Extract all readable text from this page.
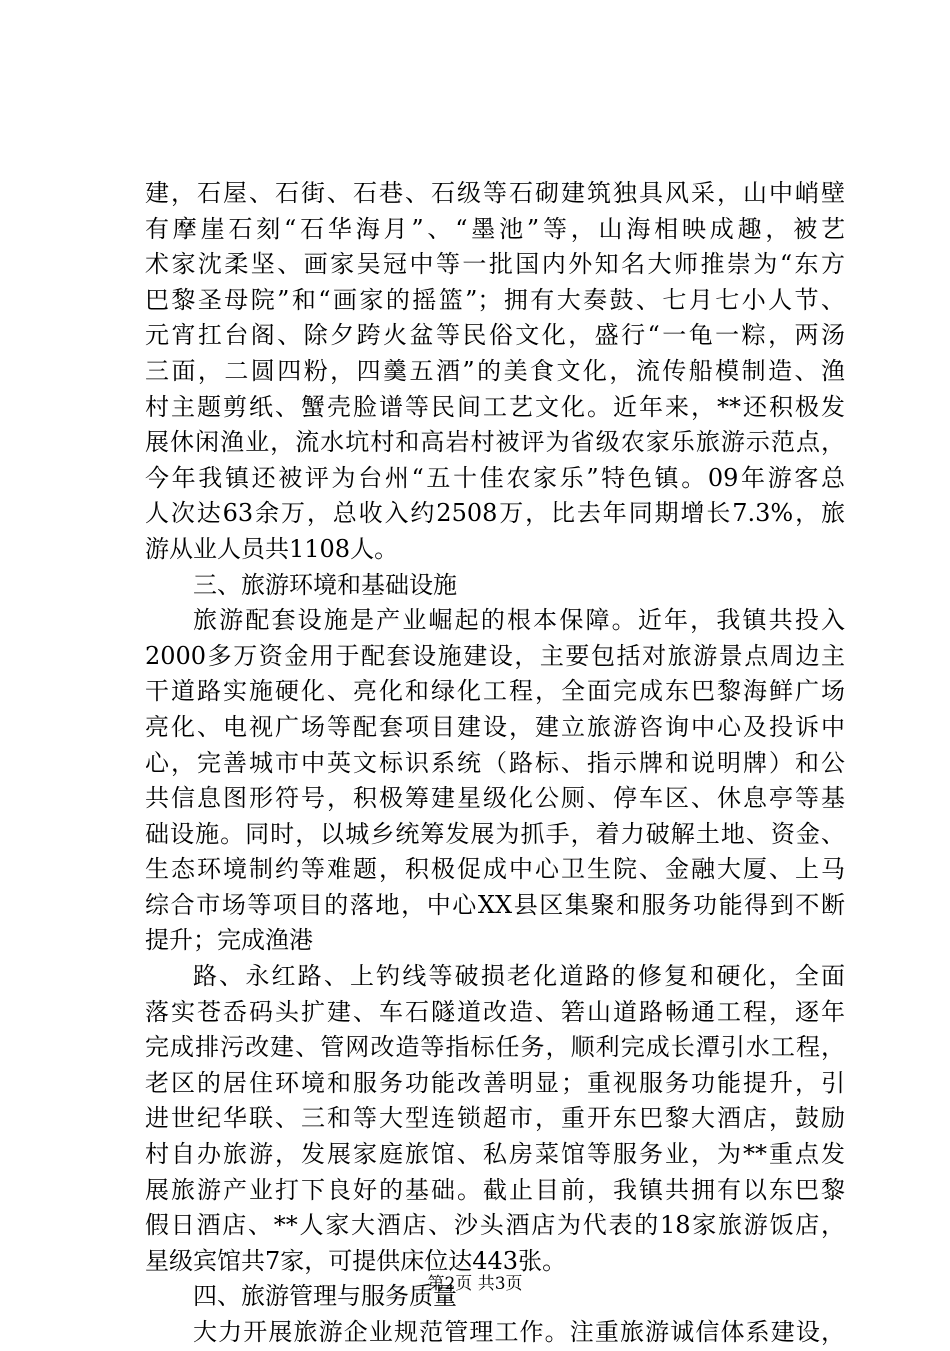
建，石屋、石街、石巷、石级等石砌建筑独具风采，山中峭壁
有摩崖石刻“石华海月”、“墨池”等，山海相映成趣，被艺
术家沈柔坚、画家吴冠中等一批国内外知名大师推崇为“东方
巴黎圣母院”和“画家的摇篮”；拥有大奏鼓、七月七小人节、
元宵扛台阁、除夕跨火盆等民俗文化，盛行“一龟一粽，两汤
三面，二圆四粉，四羹五酒”的美食文化，流传船模制造、渔
村主题剪纸、蟹壳脸谱等民间工艺文化。近年来，**还积极发
展休闲渔业，流水坑村和高岩村被评为省级农家乐旅游示范点，
今年我镇还被评为台州“五十佳农家乐”特色镇。09年游客总
人次达63余万，总收入约2508万，比去年同期增长7.3%，旅
游从业人员共1108人。
三、旅游环境和基础设施
旅游配套设施是产业崛起的根本保障。近年，我镇共投入
2000多万资金用于配套设施建设，主要包括对旅游景点周边主
干道路实施硬化、亮化和绿化工程，全面完成东巴黎海鲜广场
亮化、电视广场等配套项目建设，建立旅游咨询中心及投诉中
心，完善城市中英文标识系统（路标、指示牌和说明牌）和公
共信息图形符号，积极筹建星级化公厕、停车区、休息亭等基
础设施。同时，以城乡统筹发展为抓手，着力破解土地、资金、
生态环境制约等难题，积极促成中心卫生院、金融大厦、上马
综合市场等项目的落地，中心XX县区集聚和服务功能得到不断
提升；完成渔港
路、永红路、上钓线等破损老化道路的修复和硬化，全面
落实苍岙码头扩建、车石隧道改造、箬山道路畅通工程，逐年
完成排污改建、管网改造等指标任务，顺利完成长潭引水工程，
老区的居住环境和服务功能改善明显；重视服务功能提升，引
进世纪华联、三和等大型连锁超市，重开东巴黎大酒店，鼓励
村自办旅游，发展家庭旅馆、私房菜馆等服务业，为**重点发
展旅游产业打下良好的基础。截止目前，我镇共拥有以东巴黎
假日酒店、**人家大酒店、沙头酒店为代表的18家旅游饭店，
星级宾馆共7家，可提供床位达443张。
四、旅游管理与服务质量
大力开展旅游企业规范管理工作。注重旅游诚信体系建设，
第2页 共3页
